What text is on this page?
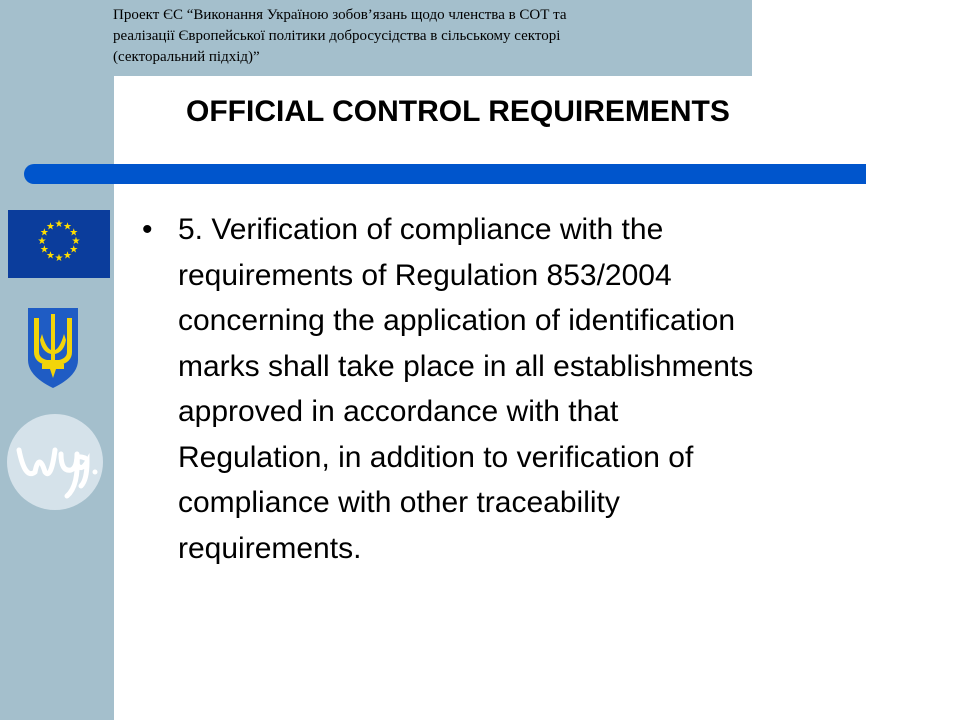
Проект ЄС “Виконання Україною зобов’язань щодо членства в СОТ та
реалізації Європейської політики добросусідства в сільському секторі
(секторальний підхід)”
OFFICIAL CONTROL REQUIREMENTS
★ ★
★
★
★
★
★
★
★
★
★
★	• 5. Verification of compliance with the
requirements of Regulation 853/2004
concerning the application of identification
marks shall take place in all establishments
approved in accordance with that
Regulation, in addition to verification of
compliance with other traceability
requirements.
